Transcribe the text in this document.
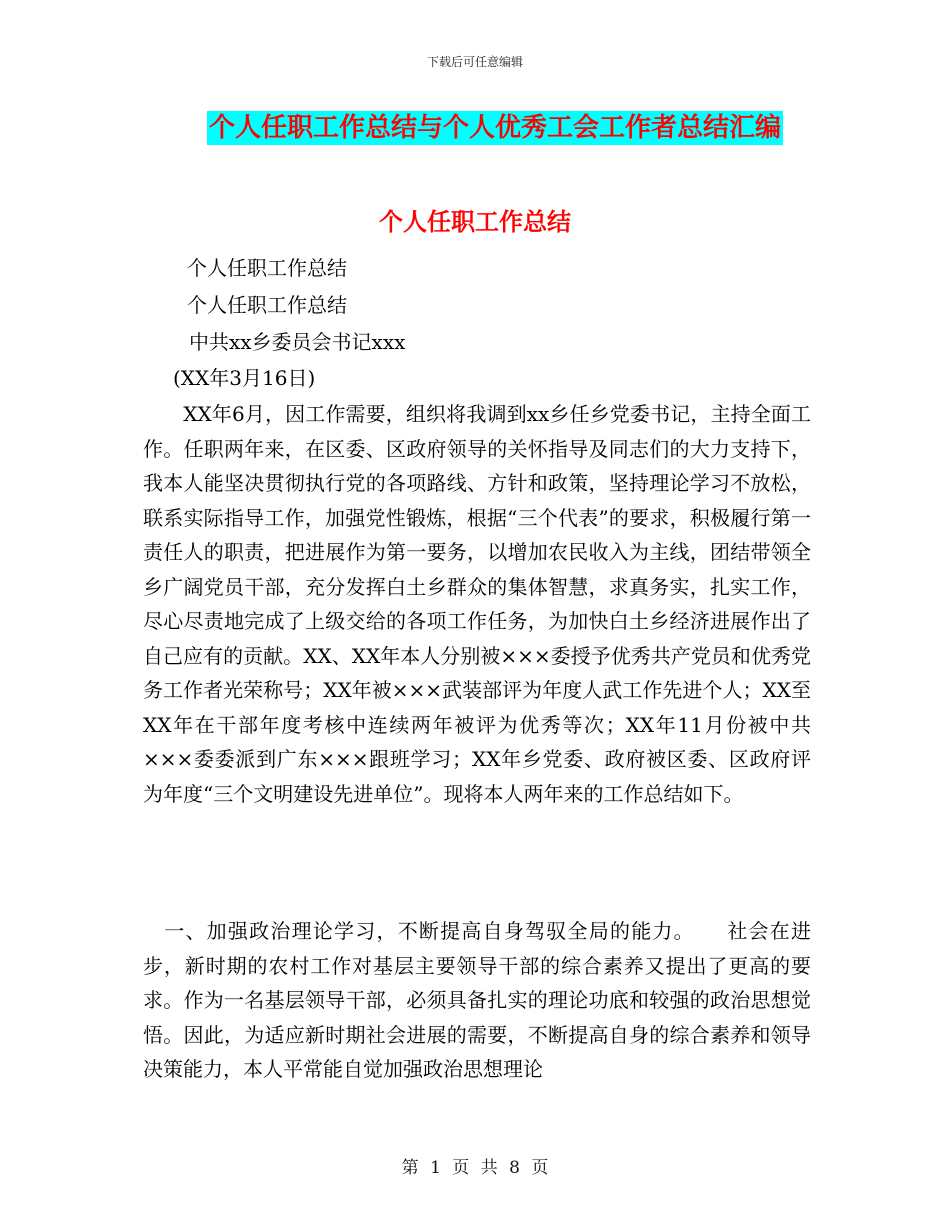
下载后可任意编辑
个人任职工作总结与个人优秀工会工作者总结汇编
个人任职工作总结
个人任职工作总结
个人任职工作总结
中共xx乡委员会书记xxx
(XX年3月16日)

　　XX年6月，因工作需要，组织将我调到xx乡任乡党委书记，主持全面工作。任职两年来，在区委、区政府领导的关怀指导及同志们的大力支持下，我本人能坚决贯彻执行党的各项路线、方针和政策，坚持理论学习不放松，联系实际指导工作，加强党性锻炼，根据“三个代表”的要求，积极履行第一责任人的职责，把进展作为第一要务，以增加农民收入为主线，团结带领全乡广阔党员干部，充分发挥白土乡群众的集体智慧，求真务实，扎实工作，尽心尽责地完成了上级交给的各项工作任务，为加快白土乡经济进展作出了自己应有的贡献。XX、XX年本人分别被×××委授予优秀共产党员和优秀党务工作者光荣称号；XX年被×××武装部评为年度人武工作先进个人；XX至XX年在干部年度考核中连续两年被评为优秀等次；XX年11月份被中共×××委委派到广东×××跟班学习；XX年乡党委、政府被区委、区政府评为年度“三个文明建设先进单位”。现将本人两年来的工作总结如下。

　一、加强政治理论学习，不断提高自身驾驭全局的能力。　　社会在进步，新时期的农村工作对基层主要领导干部的综合素养又提出了更高的要求。作为一名基层领导干部，必须具备扎实的理论功底和较强的政治思想觉悟。因此，为适应新时期社会进展的需要，不断提高自身的综合素养和领导决策能力，本人平常能自觉加强政治思想理论

第 1 页 共 8 页
